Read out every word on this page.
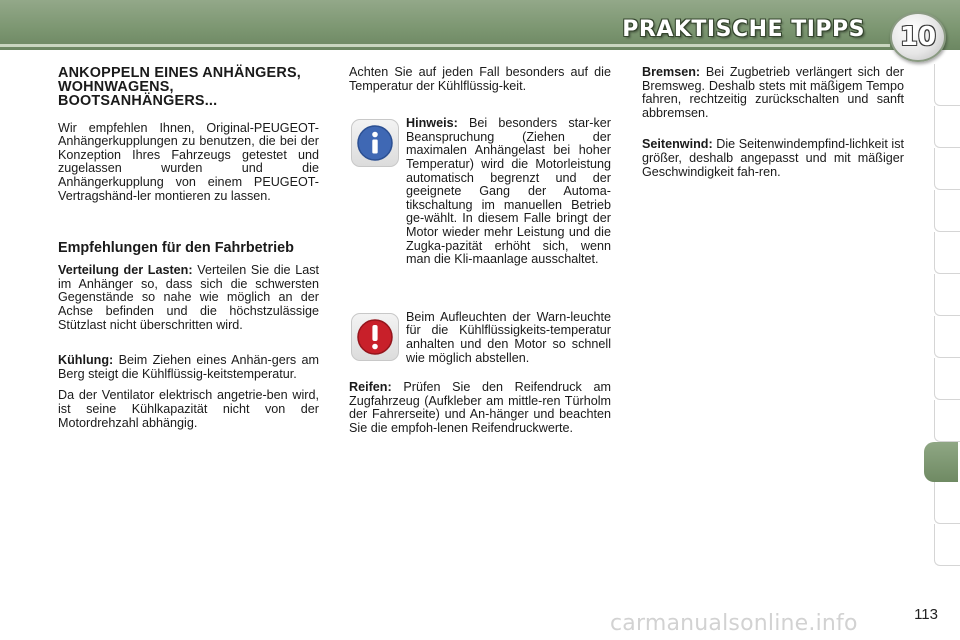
PRAKTISCHE TIPPS 10
ANKOPPELN EINES ANHÄNGERS, WOHNWAGENS, BOOTSANHÄNGERS...

Wir empfehlen Ihnen, Original-PEUGEOT-Anhängerkupplungen zu benutzen, die bei der Konzeption Ihres Fahrzeugs getestet und zugelassen wurden und die Anhängerkupplung von einem PEUGEOT-Vertragshänd-ler montieren zu lassen.

Empfehlungen für den Fahrbetrieb

Verteilung der Lasten: Verteilen Sie die Last im Anhänger so, dass sich die schwersten Gegenstände so nahe wie möglich an der Achse befinden und die höchstzulässige Stützlast nicht überschritten wird.

Kühlung: Beim Ziehen eines Anhän-gers am Berg steigt die Kühlflüssig-keitstemperatur.

Da der Ventilator elektrisch angetrie-ben wird, ist seine Kühlkapazität nicht von der Motordrehzahl abhängig.

Achten Sie auf jeden Fall besonders auf die Temperatur der Kühlflüssig-keit.

Hinweis: Bei besonders star-ker Beanspruchung (Ziehen der maximalen Anhängelast bei hoher Temperatur) wird die Motorleistung automatisch begrenzt und der geeignete Gang der Automa-tikschaltung im manuellen Betrieb ge-wählt. In diesem Falle bringt der Motor wieder mehr Leistung und die Zugka-pazität erhöht sich, wenn man die Kli-maanlage ausschaltet.

Beim Aufleuchten der Warn-leuchte für die Kühlflüssigkeits-temperatur anhalten und den Motor so schnell wie möglich abstellen.

Reifen: Prüfen Sie den Reifendruck am Zugfahrzeug (Aufkleber am mittle-ren Türholm der Fahrerseite) und An-hänger und beachten Sie die empfoh-lenen Reifendruckwerte.

Bremsen: Bei Zugbetrieb verlängert sich der Bremsweg. Deshalb stets mit mäßigem Tempo fahren, rechtzeitig zurückschalten und sanft abbremsen.

Seitenwind: Die Seitenwindempfind-lichkeit ist größer, deshalb angepasst und mit mäßiger Geschwindigkeit fah-ren.

carmanualsonline.info	113
